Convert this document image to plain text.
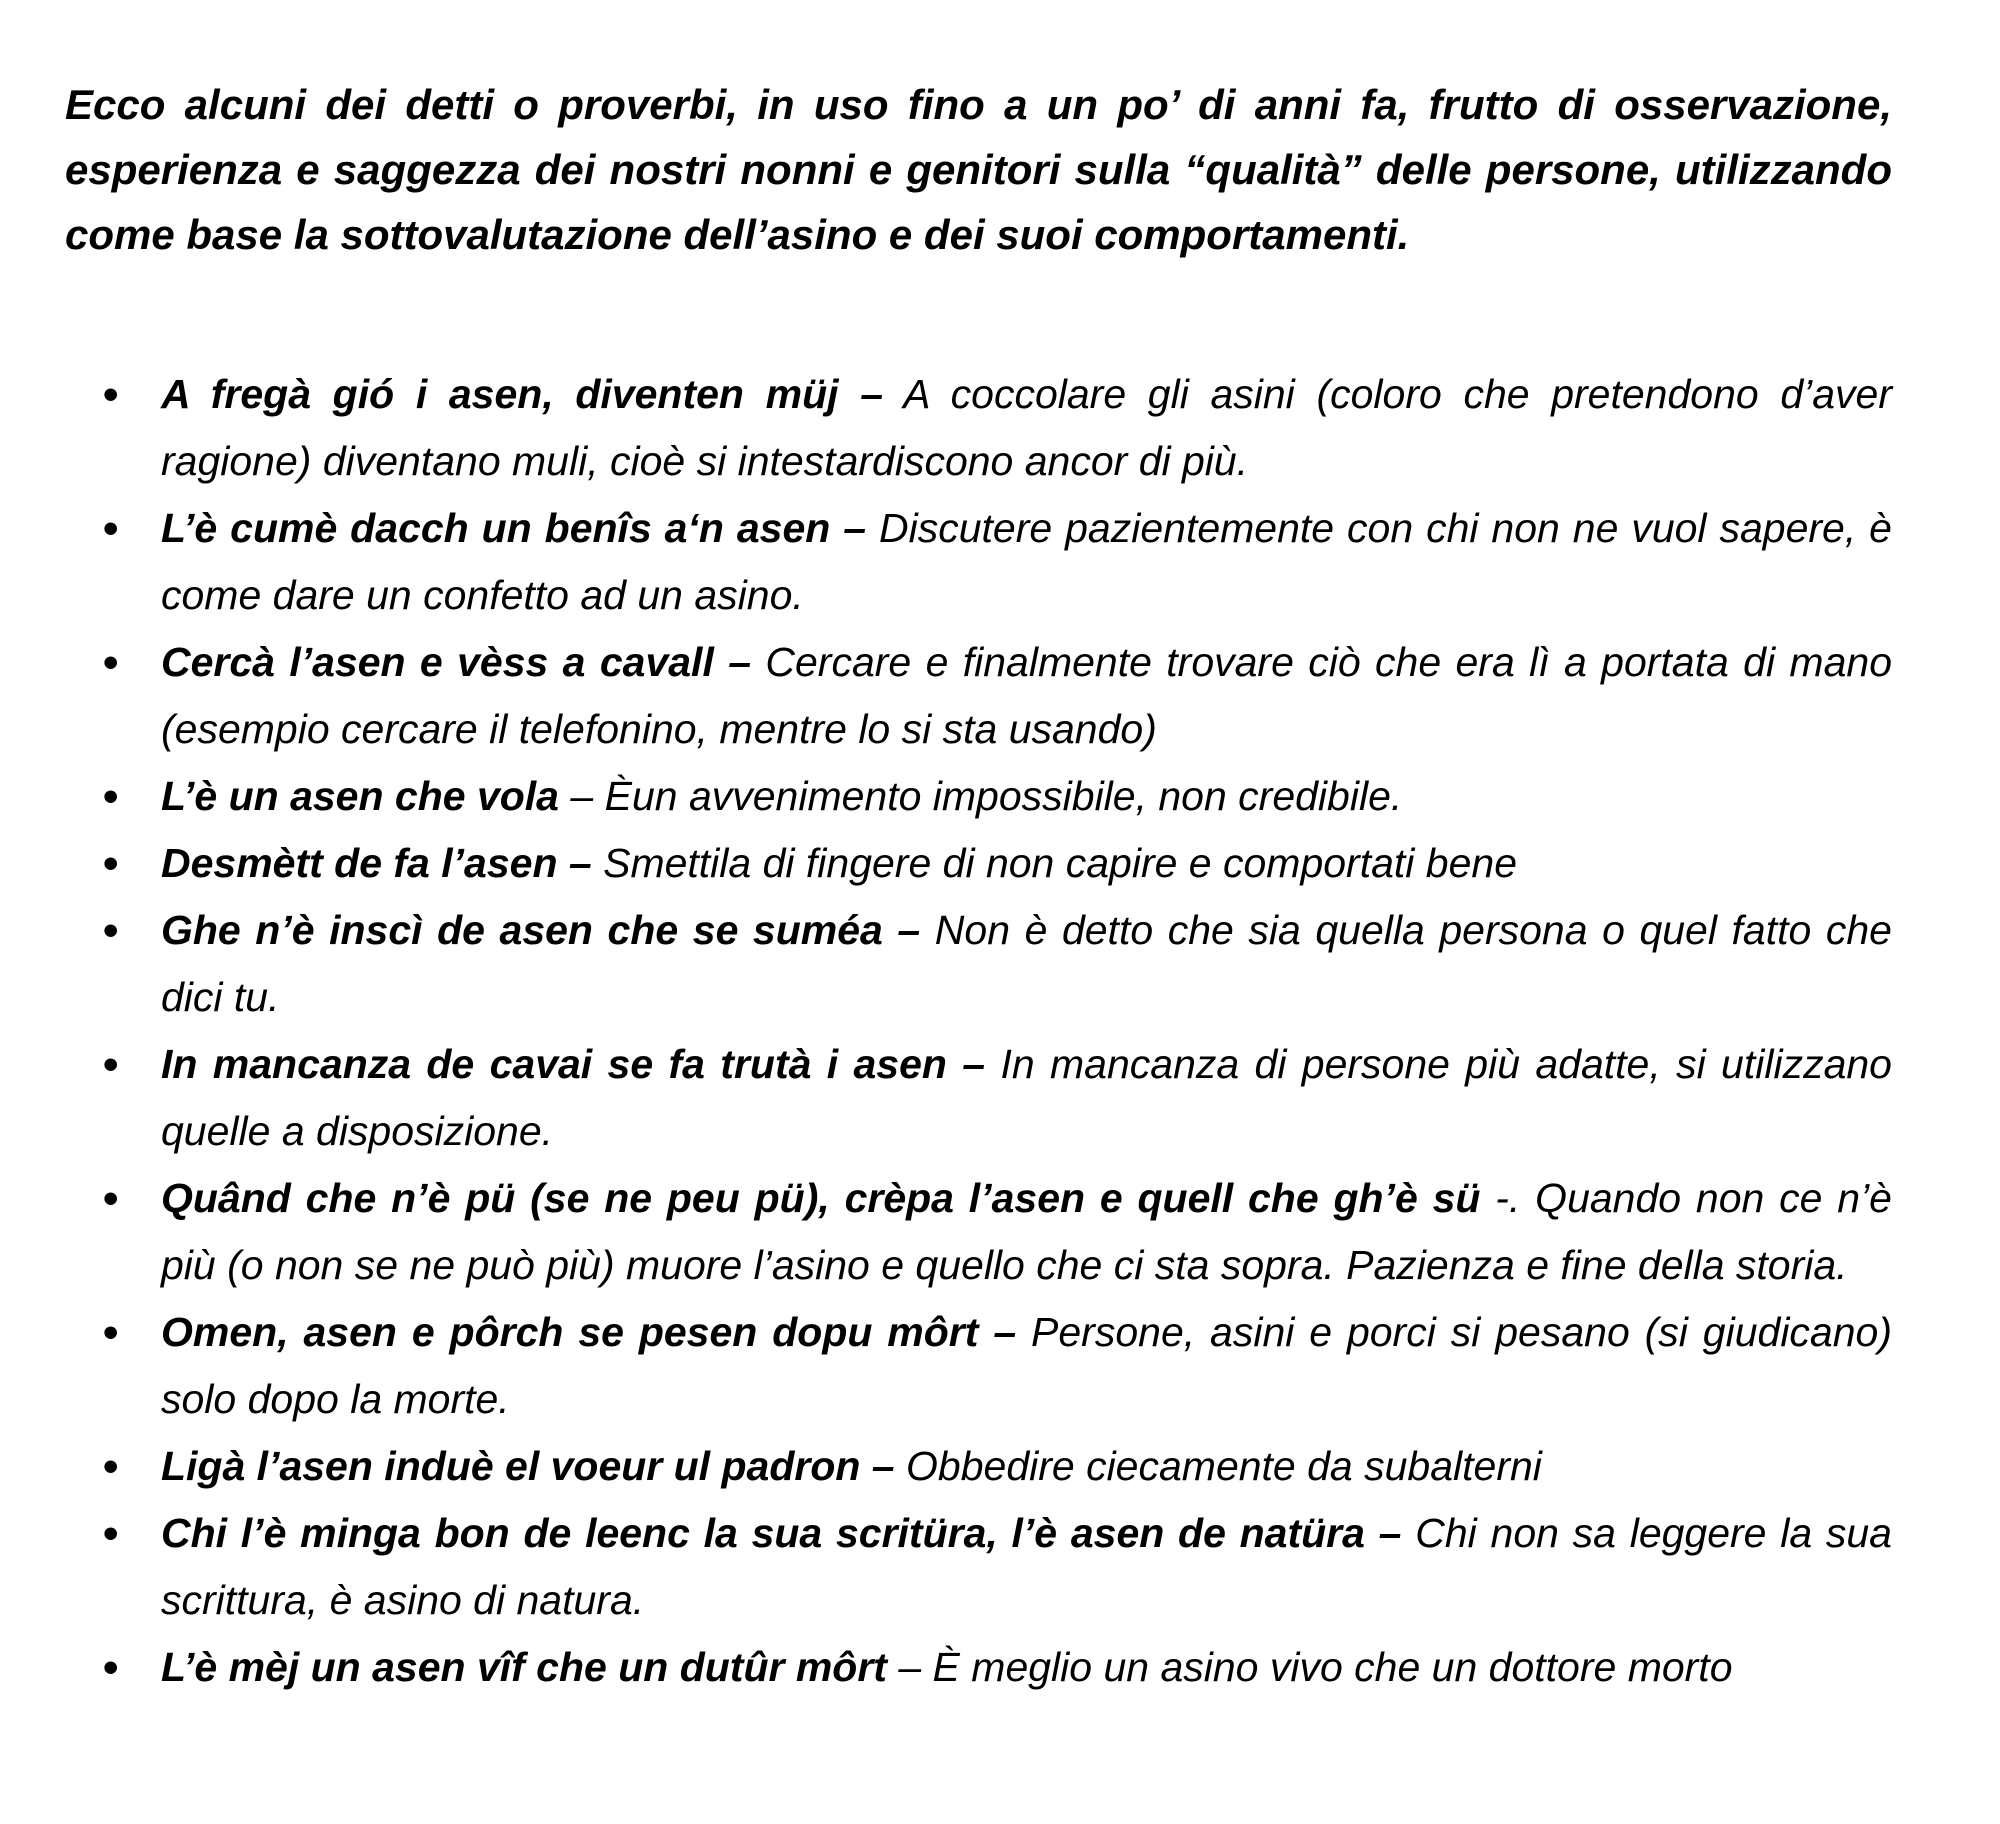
Ecco alcuni dei detti o proverbi, in uso fino a un po’ di anni fa, frutto di osservazione, esperienza e saggezza dei nostri nonni e genitori sulla “qualità” delle persone, utilizzando come base la sottovalutazione dell’asino e dei suoi comportamenti.

•	A fregà gió i asen, diventen müj – A coccolare gli asini (coloro che pretendono d’aver ragione) diventano muli, cioè si intestardiscono ancor di più.
•	L’è cumè dacch un benîs a‘n asen – Discutere pazientemente con chi non ne vuol sapere, è come dare un confetto ad un asino.
•	Cercà l’asen e vèss a cavall – Cercare e finalmente trovare ciò che era lì a portata di mano (esempio cercare il telefonino, mentre lo si sta usando)
•	L’è un asen che vola – Èun avvenimento impossibile, non credibile.
•	Desmètt de fa l’asen – Smettila di fingere di non capire e comportati bene
•	Ghe n’è inscì de asen che se suméa – Non è detto che sia quella persona o quel fatto che dici tu.
•	In mancanza de cavai se fa trutà i asen – In mancanza di persone più adatte, si utilizzano quelle a disposizione.
•	Quând che n’è pü (se ne peu pü), crèpa l’asen e quell che gh’è sü -. Quando non ce n’è più (o non se ne può più) muore l’asino e quello che ci sta sopra. Pazienza e fine della storia.
•	Omen, asen e pôrch se pesen dopu môrt – Persone, asini e porci si pesano (si giudicano) solo dopo la morte.
•	Ligà l’asen induè el voeur ul padron – Obbedire ciecamente da subalterni
•	Chi l’è minga bon de leenc la sua scritüra, l’è asen de natüra – Chi non sa leggere la sua scrittura, è asino di natura.
•	L’è mèj un asen vîf che un dutûr môrt – È meglio un asino vivo che un dottore morto
